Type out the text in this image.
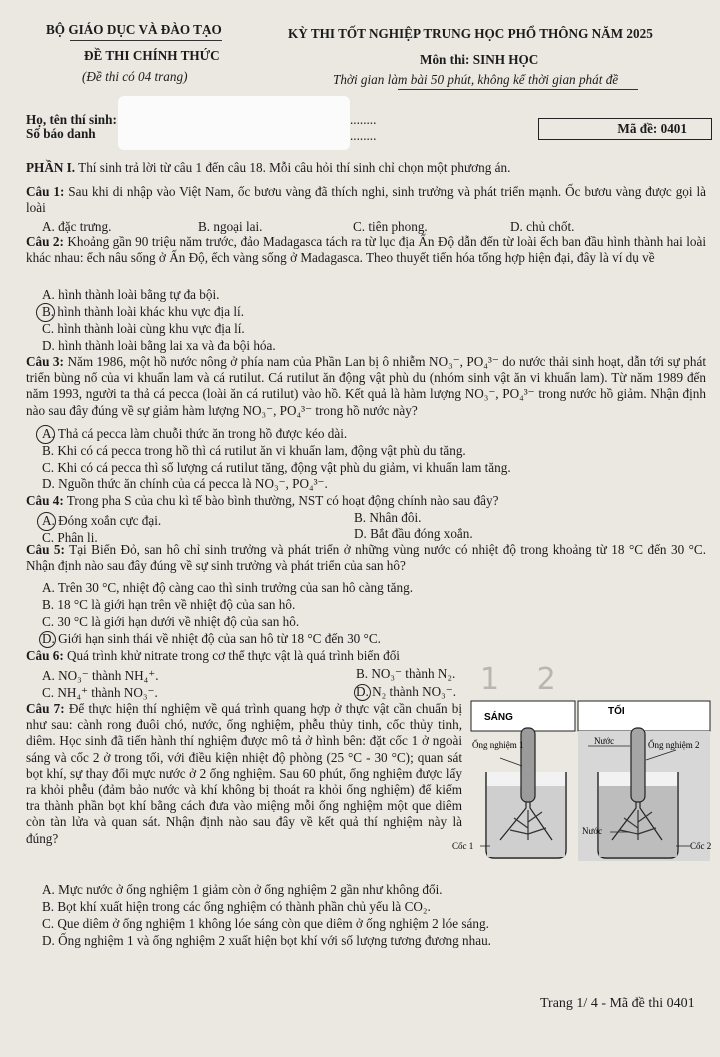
BỘ GIÁO DỤC VÀ ĐÀO TẠO	KỲ THI TỐT NGHIỆP TRUNG HỌC PHỔ THÔNG NĂM 2025
ĐỀ THI CHÍNH THỨC	Môn thi: SINH HỌC
(Đề thi có 04 trang)	Thời gian làm bài 50 phút, không kể thời gian phát đề
Họ, tên thí sinh:
Số báo danh
........
........	Mã đề: 0401
PHẦN I. Thí sinh trả lời từ câu 1 đến câu 18. Mỗi câu hỏi thí sinh chỉ chọn một phương án.
Câu 1: Sau khi di nhập vào Việt Nam, ốc bươu vàng đã thích nghi, sinh trưởng và phát triển mạnh. Ốc bươu vàng được gọi là loài
A. đặc trưng.	B. ngoại lai.	C. tiên phong.	D. chủ chốt.
Câu 2: Khoảng gần 90 triệu năm trước, đảo Madagasca tách ra từ lục địa Ấn Độ dẫn đến từ loài ếch ban đầu hình thành hai loài khác nhau: ếch nâu sống ở Ấn Độ, ếch vàng sống ở Madagasca. Theo thuyết tiến hóa tổng hợp hiện đại, đây là ví dụ về
A. hình thành loài bằng tự đa bội.
B. hình thành loài khác khu vực địa lí.
C. hình thành loài cùng khu vực địa lí.
D. hình thành loài bằng lai xa và đa bội hóa.
Câu 3: Năm 1986, một hồ nước nông ở phía nam của Phần Lan bị ô nhiễm NO₃⁻, PO₄³⁻ do nước thải sinh hoạt, dẫn tới sự phát triển bùng nổ của vi khuẩn lam và cá rutilut. Cá rutilut ăn động vật phù du (nhóm sinh vật ăn vi khuẩn lam). Từ năm 1989 đến năm 1993, người ta thả cá pecca (loài ăn cá rutilut) vào hồ. Kết quả là hàm lượng NO₃⁻, PO₄³⁻ trong nước hồ giảm. Nhận định nào sau đây đúng về sự giảm hàm lượng NO₃⁻, PO₄³⁻ trong hồ nước này?
A. Thả cá pecca làm chuỗi thức ăn trong hồ được kéo dài.
B. Khi có cá pecca trong hồ thì cá rutilut ăn vi khuẩn lam, động vật phù du tăng.
C. Khi có cá pecca thì số lượng cá rutilut tăng, động vật phù du giảm, vi khuẩn lam tăng.
D. Nguồn thức ăn chính của cá pecca là NO₃⁻, PO₄³⁻.
Câu 4: Trong pha S của chu kì tế bào bình thường, NST có hoạt động chính nào sau đây?
A. Đóng xoắn cực đại.	B. Nhân đôi.
C. Phân li.	D. Bắt đầu đóng xoắn.
Câu 5: Tại Biển Đỏ, san hô chỉ sinh trưởng và phát triển ở những vùng nước có nhiệt độ trong khoảng từ 18 °C đến 30 °C. Nhận định nào sau đây đúng về sự sinh trưởng và phát triển của san hô?
A. Trên 30 °C, nhiệt độ càng cao thì sinh trưởng của san hô càng tăng.
B. 18 °C là giới hạn trên về nhiệt độ của san hô.
C. 30 °C là giới hạn dưới về nhiệt độ của san hô.
D. Giới hạn sinh thái về nhiệt độ của san hô từ 18 °C đến 30 °C.
Câu 6: Quá trình khử nitrate trong cơ thể thực vật là quá trình biến đổi
A. NO₃⁻ thành NH₄⁺.	B. NO₃⁻ thành N₂.
C. NH₄⁺ thành NO₃⁻.	D. N₂ thành NO₃⁻. 1 2
Câu 7: Để thực hiện thí nghiệm về quá trình quang hợp ở thực vật cần chuẩn bị như sau: cành rong đuôi chó, nước, ống nghiệm, phễu thủy tinh, cốc thủy tinh, diêm. Học sinh đã tiến hành thí nghiệm được mô tả ở hình bên: đặt cốc 1 ở ngoài sáng và cốc 2 ở trong tối, với điều kiện nhiệt độ phòng (25 °C - 30 °C); quan sát bọt khí, sự thay đổi mực nước ở 2 ống nghiệm. Sau 60 phút, ống nghiệm được lấy ra khỏi phễu (đảm bảo nước và khí không bị thoát ra khỏi ống nghiệm) để kiểm tra thành phần bọt khí bằng cách đưa vào miệng mỗi ống nghiệm một que diêm còn tàn lửa và quan sát. Nhận định nào sau đây về kết quả thí nghiệm này là đúng?
SÁNG
TỐI
Ống nghiệm 1	Nước	Ống nghiệm 2
Nước
Cốc 1	Cốc 2
A. Mực nước ở ống nghiệm 1 giảm còn ở ống nghiệm 2 gần như không đổi.
B. Bọt khí xuất hiện trong các ống nghiệm có thành phần chủ yếu là CO₂.
C. Que diêm ở ống nghiệm 1 không lóe sáng còn que diêm ở ống nghiệm 2 lóe sáng.
D. Ống nghiệm 1 và ống nghiệm 2 xuất hiện bọt khí với số lượng tương đương nhau.
Trang 1/ 4 - Mã đề thi 0401
